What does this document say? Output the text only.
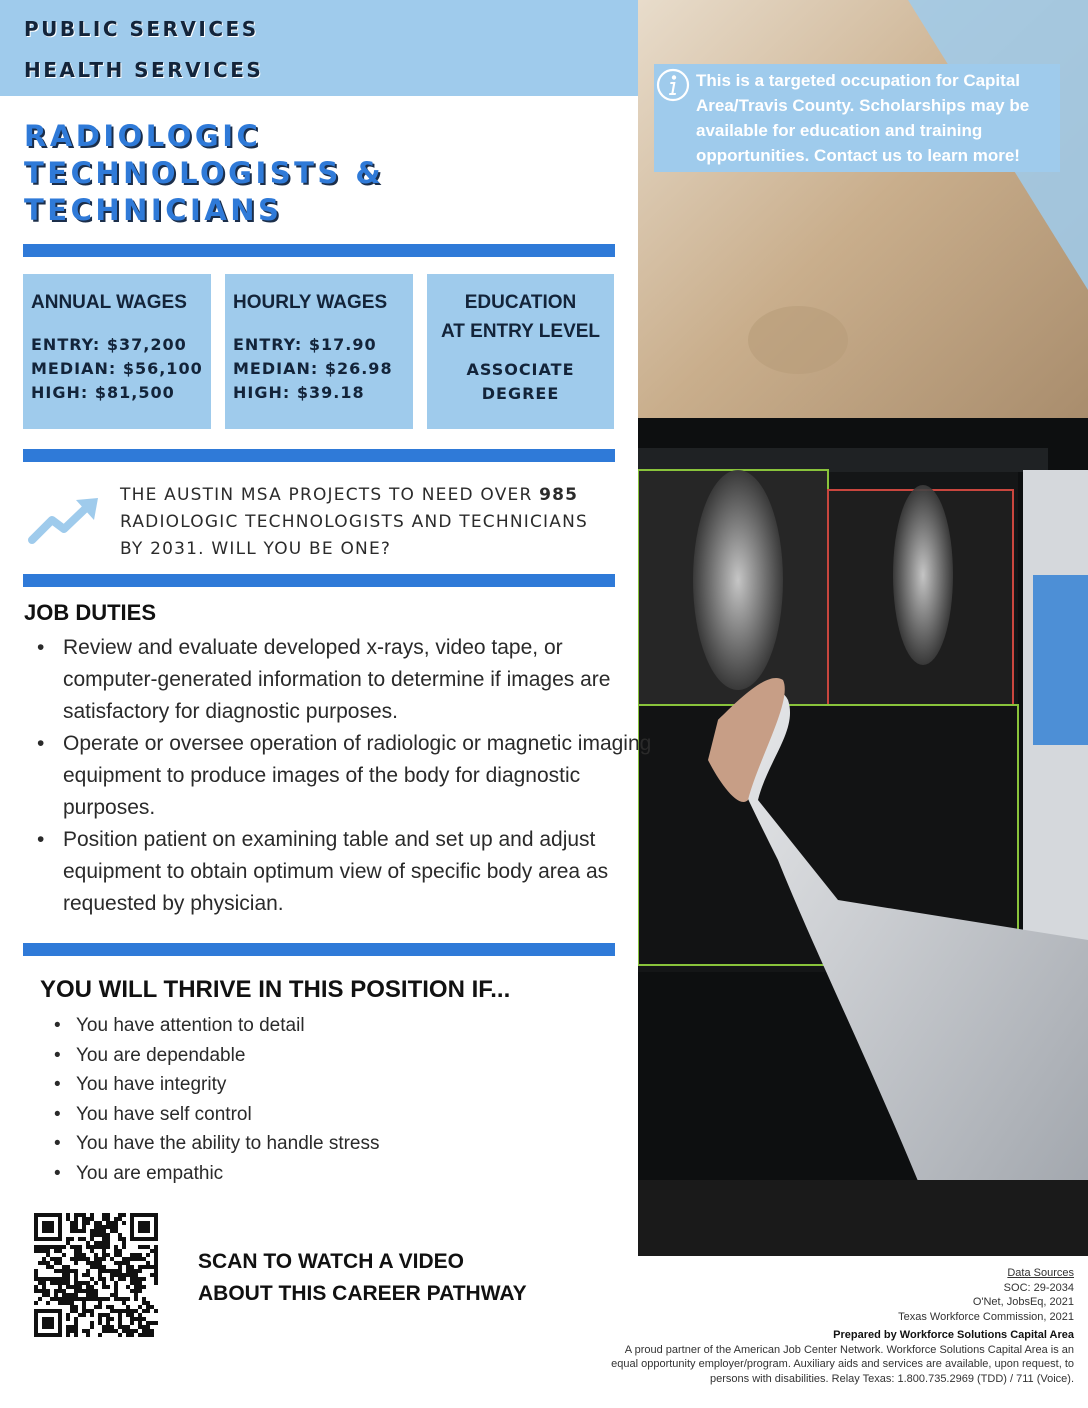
PUBLIC SERVICES
HEALTH SERVICES	This is a targeted occupation for Capital Area/Travis County. Scholarships may be available for education and training opportunities. Contact us to learn more!
RADIOLOGIC TECHNOLOGISTS & TECHNICIANS
ANNUAL WAGES
ENTRY: $37,200
MEDIAN: $56,100
HIGH: $81,500
HOURLY WAGES
ENTRY: $17.90
MEDIAN: $26.98
HIGH: $39.18
EDUCATION
AT ENTRY LEVEL
ASSOCIATE
DEGREE
THE AUSTIN MSA PROJECTS TO NEED OVER 985 RADIOLOGIC TECHNOLOGISTS AND TECHNICIANS BY 2031. WILL YOU BE ONE?
JOB DUTIES
• Review and evaluate developed x-rays, video tape, or computer-generated information to determine if images are satisfactory for diagnostic purposes.
• Operate or oversee operation of radiologic or magnetic imaging equipment to produce images of the body for diagnostic purposes.
• Position patient on examining table and set up and adjust equipment to obtain optimum view of specific body area as requested by physician.
YOU WILL THRIVE IN THIS POSITION IF...
• You have attention to detail
• You are dependable
• You have integrity
• You have self control
• You have the ability to handle stress
• You are empathic
SCAN TO WATCH A VIDEO
ABOUT THIS CAREER PATHWAY
Data Sources
SOC: 29-2034
O'Net, JobsEq, 2021
Texas Workforce Commission, 2021
Prepared by Workforce Solutions Capital Area
A proud partner of the American Job Center Network. Workforce Solutions Capital Area is an equal opportunity employer/program. Auxiliary aids and services are available, upon request, to persons with disabilities. Relay Texas: 1.800.735.2969 (TDD) / 711 (Voice).
